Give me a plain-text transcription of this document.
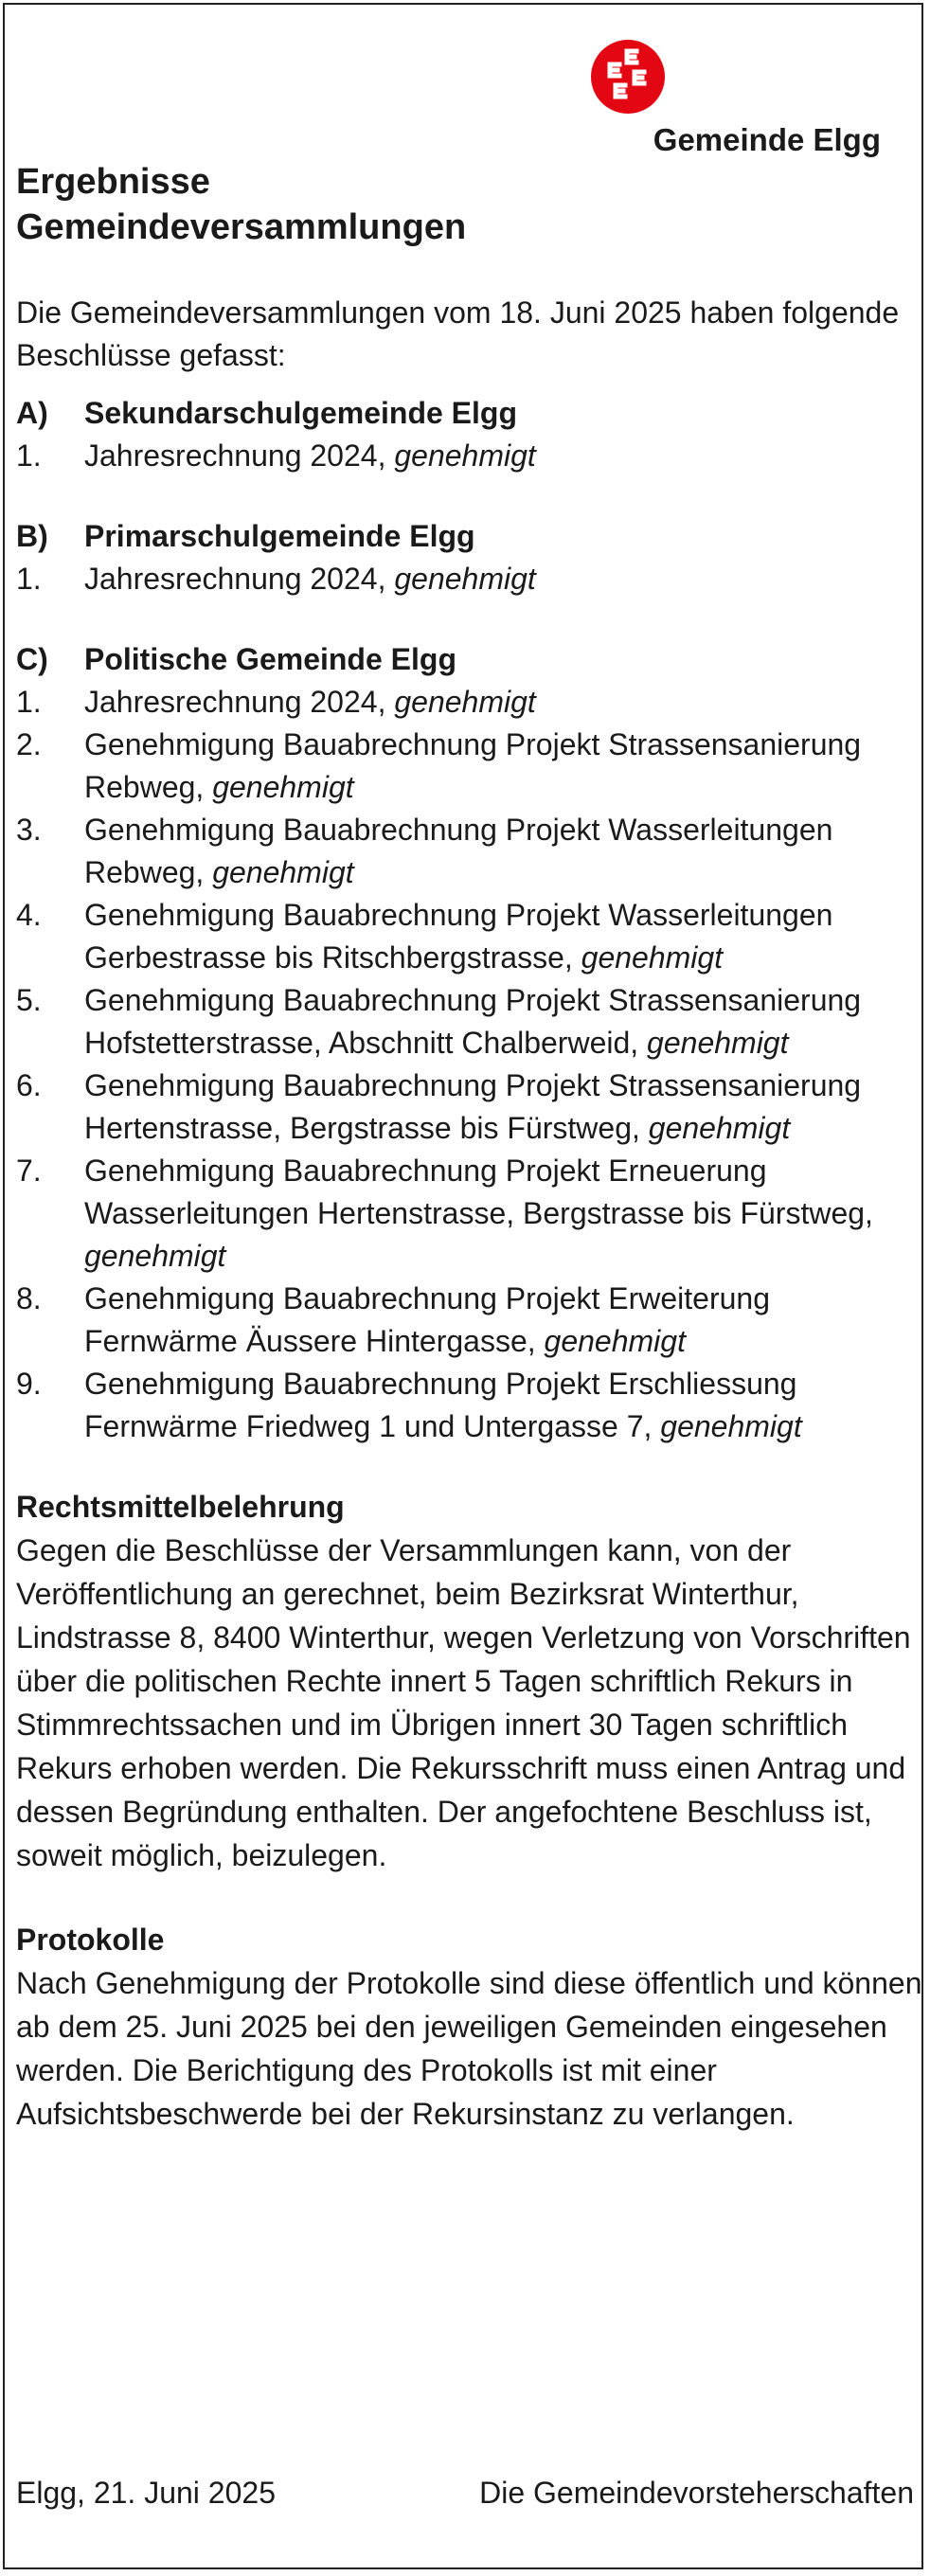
Gemeinde Elgg
Ergebnisse
Gemeindeversammlungen

Die Gemeindeversammlungen vom 18. Juni 2025 haben folgende Beschlüsse gefasst:

A)	Sekundarschulgemeinde Elgg
1.	Jahresrechnung 2024, genehmigt
B)	Primarschulgemeinde Elgg
1.	Jahresrechnung 2024, genehmigt
C)	Politische Gemeinde Elgg
1.	Jahresrechnung 2024, genehmigt
2.	Genehmigung Bauabrechnung Projekt Strassensanierung Rebweg, genehmigt
3.	Genehmigung Bauabrechnung Projekt Wasserleitungen Rebweg, genehmigt
4.	Genehmigung Bauabrechnung Projekt Wasserleitungen Gerbestrasse bis Ritschbergstrasse, genehmigt
5.	Genehmigung Bauabrechnung Projekt Strassensanierung Hofstetterstrasse, Abschnitt Chalberweid, genehmigt
6.	Genehmigung Bauabrechnung Projekt Strassensanierung Hertenstrasse, Bergstrasse bis Fürstweg, genehmigt
7.	Genehmigung Bauabrechnung Projekt Erneuerung Wasserleitungen Hertenstrasse, Bergstrasse bis Fürstweg, genehmigt
8.	Genehmigung Bauabrechnung Projekt Erweiterung Fernwärme Äussere Hintergasse, genehmigt
9.	Genehmigung Bauabrechnung Projekt Erschliessung Fernwärme Friedweg 1 und Untergasse 7, genehmigt
Rechtsmittelbelehrung
Gegen die Beschlüsse der Versammlungen kann, von der Veröffentlichung an gerechnet, beim Bezirksrat Winterthur, Lindstrasse 8, 8400 Winterthur, wegen Verletzung von Vorschriften über die politischen Rechte innert 5 Tagen schriftlich Rekurs in Stimmrechtssachen und im Übrigen innert 30 Tagen schriftlich Rekurs erhoben werden. Die Rekursschrift muss einen Antrag und dessen Begründung enthalten. Der angefochtene Beschluss ist, soweit möglich, beizulegen.
Protokolle
Nach Genehmigung der Protokolle sind diese öffentlich und können ab dem 25. Juni 2025 bei den jeweiligen Gemeinden eingesehen werden. Die Berichtigung des Protokolls ist mit einer Aufsichtsbeschwerde bei der Rekursinstanz zu verlangen.
Elgg, 21. Juni 2025	Die Gemeindevorsteherschaften
